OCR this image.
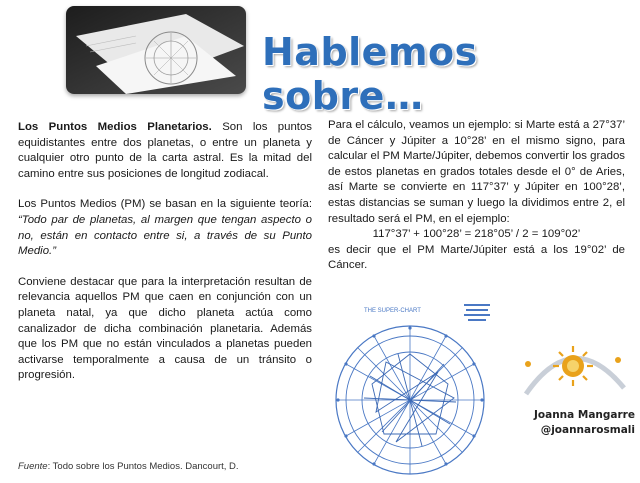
Hablemos sobre…

Los Puntos Medios Planetarios. Son los puntos equidistantes entre dos planetas, o entre un planeta y cualquier otro punto de la carta astral. Es la mitad del camino entre sus posiciones de longitud zodiacal.

Los Puntos Medios (PM) se basan en la siguiente teoría: “Todo par de planetas, al margen que tengan aspecto o no, están en contacto entre si, a través de su Punto Medio.”

Conviene destacar que para la interpretación resultan de relevancia aquellos PM que caen en conjunción con un planeta natal, ya que dicho planeta actúa como canalizador de dicha combinación planetaria. Además que los PM que no están vinculados a planetas pueden activarse temporalmente a causa de un tránsito o progresión.

Para el cálculo, veamos un ejemplo: si Marte está a 27°37’ de Cáncer y Júpiter a 10°28’ en el mismo signo, para calcular el PM Marte/Júpiter, debemos convertir los grados de estos planetas en grados totales desde el 0° de Aries, así Marte se convierte en 117°37’ y Júpiter en 100°28’, estas distancias se suman y luego la dividimos entre 2, el resultado será el PM, en el ejemplo:

117°37’ + 100°28’ = 218°05’ / 2 = 109°02’

es decir que el PM Marte/Júpiter está a los 19°02’ de Cáncer.

Fuente: Todo sobre los Puntos Medios. Dancourt, D.
THE SUPER-CHART
Joanna Mangarre
@joannarosmali
